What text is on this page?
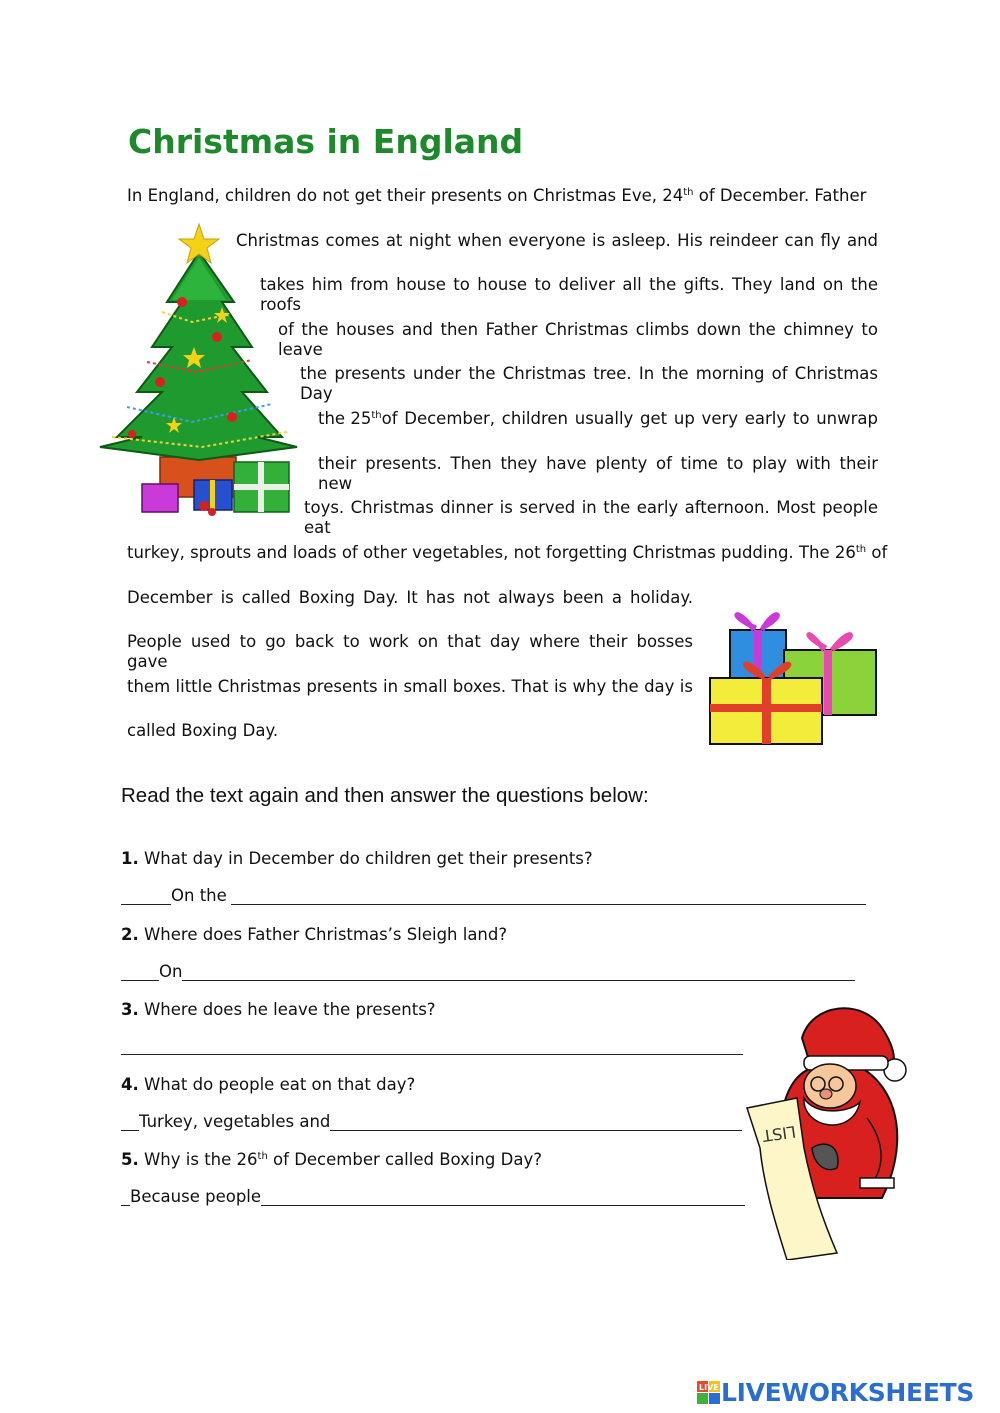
Christmas in England
In England, children do not get their presents on Christmas Eve, 24th of December. Father
Christmas comes at night when everyone is asleep. His reindeer can fly and
takes him from house to house to deliver all the gifts. They land on the roofs
of the houses and then Father Christmas climbs down the chimney to leave
the presents under the Christmas tree. In the morning of Christmas Day
the 25th of December, children usually get up very early to unwrap
their presents. Then they have plenty of time to play with their new
toys. Christmas dinner is served in the early afternoon. Most people eat
turkey, sprouts and loads of other vegetables, not forgetting Christmas pudding. The 26th of
December is called Boxing Day. It has not always been a holiday.
People used to go back to work on that day where their bosses gave
them little Christmas presents in small boxes. That is why the day is
called Boxing Day.
Read the text again and then answer the questions below:
1. What day in December do children get their presents?
On the
2. Where does Father Christmas’s Sleigh land?
On
3. Where does he leave the presents?
4. What do people eat on that day?
Turkey, vegetables and
5. Why is the 26th of December called Boxing Day?
Because people
LIST
LIVE LIVEWORKSHEETS
